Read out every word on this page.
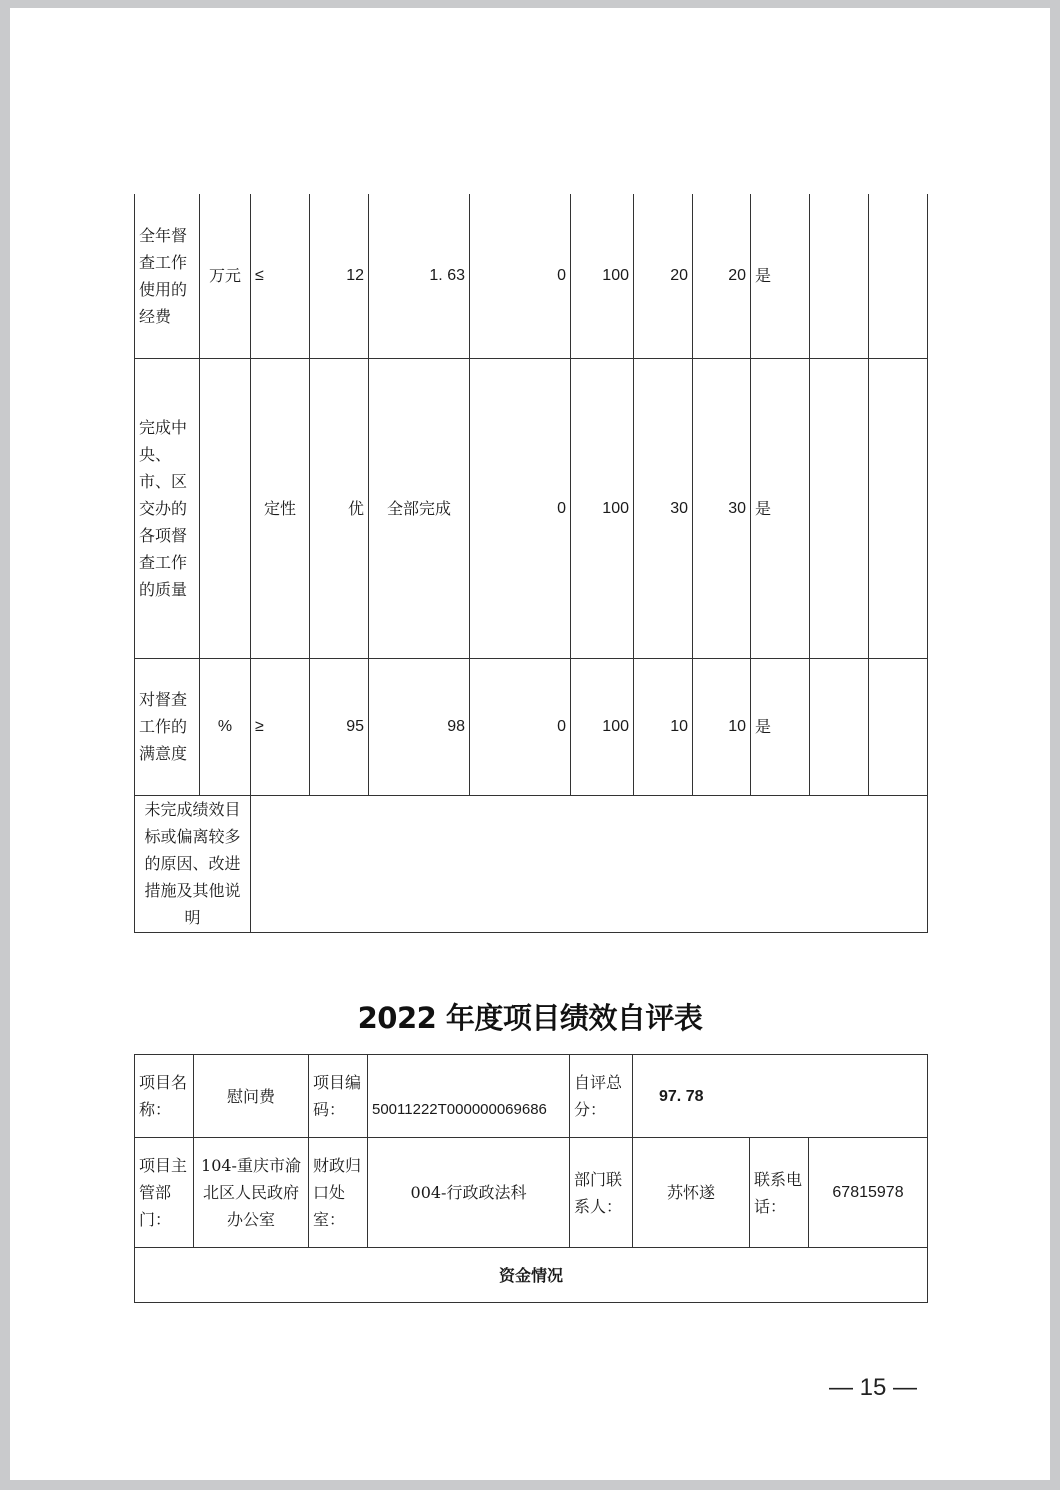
全年督查工作使用的经费	万元	≤	12	1. 63	0	100	20	20	是		
完成中央、市、区交办的各项督查工作的质量		定性	优	全部完成	0	100	30	30	是		
对督查工作的满意度	%	≥	95	98	0	100	10	10	是		
未完成绩效目标或偏离较多的原因、改进措施及其他说明											
2022 年度项目绩效自评表
项目名称：	慰问费	项目编码：	50011222T000000069686	自评总分：	97. 78		
项目主管部门：	104-重庆市渝北区人民政府办公室	财政归口处室：	004-行政政法科	部门联系人：	苏怀遂	联系电话：	67815978
资金情况							
— 15 —
